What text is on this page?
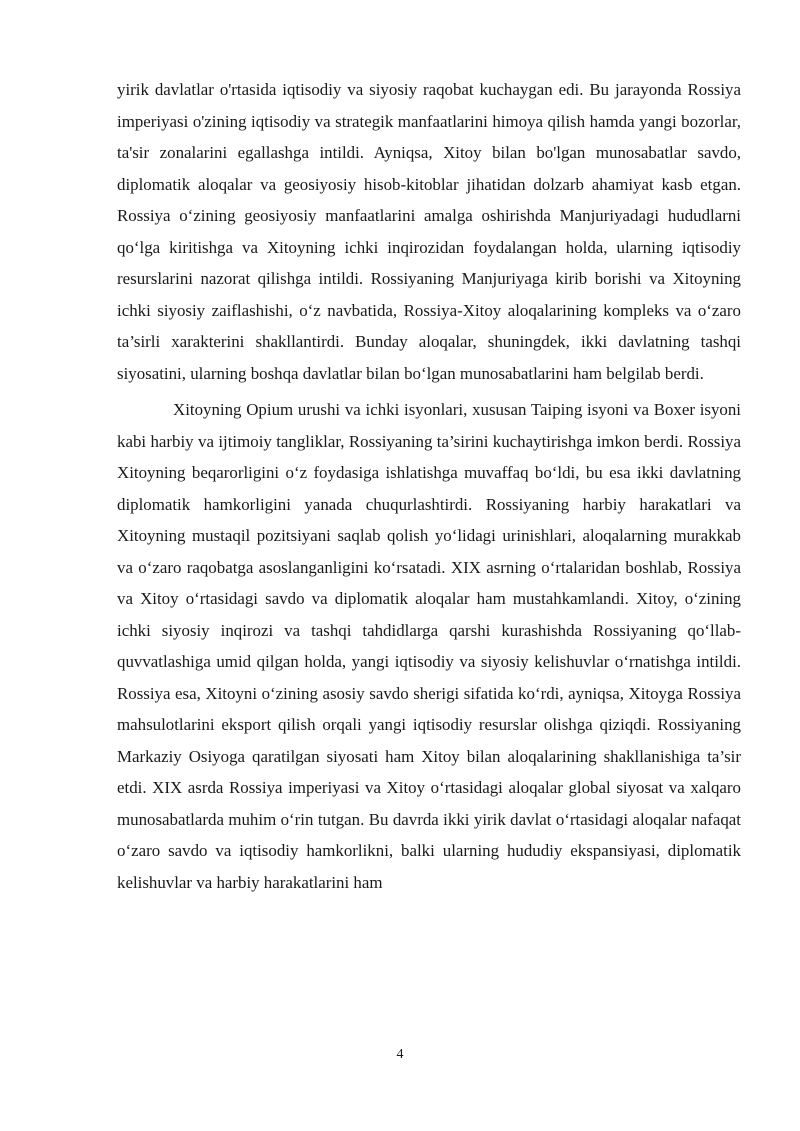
yirik davlatlar o'rtasida iqtisodiy va siyosiy raqobat kuchaygan edi. Bu jarayonda Rossiya imperiyasi o'zining iqtisodiy va strategik manfaatlarini himoya qilish hamda yangi bozorlar, ta'sir zonalarini egallashga intildi. Ayniqsa, Xitoy bilan bo'lgan munosabatlar savdo, diplomatik aloqalar va geosiyosiy hisob-kitoblar jihatidan dolzarb ahamiyat kasb etgan. Rossiya o‘zining geosiyosiy manfaatlarini amalga oshirishda Manjuriyadagi hududlarni qo‘lga kiritishga va Xitoyning ichki inqirozidan foydalangan holda, ularning iqtisodiy resurslarini nazorat qilishga intildi. Rossiyaning Manjuriyaga kirib borishi va Xitoyning ichki siyosiy zaiflashishi, o‘z navbatida, Rossiya-Xitoy aloqalarining kompleks va o‘zaro ta’sirli xarakterini shakllantirdi. Bunday aloqalar, shuningdek, ikki davlatning tashqi siyosatini, ularning boshqa davlatlar bilan bo‘lgan munosabatlarini ham belgilab berdi.

Xitoyning Opium urushi va ichki isyonlari, xususan Taiping isyoni va Boxer isyoni kabi harbiy va ijtimoiy tangliklar, Rossiyaning ta’sirini kuchaytirishga imkon berdi. Rossiya Xitoyning beqarorligini o‘z foydasiga ishlatishga muvaffaq bo‘ldi, bu esa ikki davlatning diplomatik hamkorligini yanada chuqurlashtirdi. Rossiyaning harbiy harakatlari va Xitoyning mustaqil pozitsiyani saqlab qolish yo‘lidagi urinishlari, aloqalarning murakkab va o‘zaro raqobatga asoslanganligini ko‘rsatadi. XIX asrning o‘rtalaridan boshlab, Rossiya va Xitoy o‘rtasidagi savdo va diplomatik aloqalar ham mustahkamlandi. Xitoy, o‘zining ichki siyosiy inqirozi va tashqi tahdidlarga qarshi kurashishda Rossiyaning qo‘llab-quvvatlashiga umid qilgan holda, yangi iqtisodiy va siyosiy kelishuvlar o‘rnatishga intildi. Rossiya esa, Xitoyni o‘zining asosiy savdo sherigi sifatida ko‘rdi, ayniqsa, Xitoyga Rossiya mahsulotlarini eksport qilish orqali yangi iqtisodiy resurslar olishga qiziqdi. Rossiyaning Markaziy Osiyoga qaratilgan siyosati ham Xitoy bilan aloqalarining shakllanishiga ta’sir etdi. XIX asrda Rossiya imperiyasi va Xitoy o‘rtasidagi aloqalar global siyosat va xalqaro munosabatlarda muhim o‘rin tutgan. Bu davrda ikki yirik davlat o‘rtasidagi aloqalar nafaqat o‘zaro savdo va iqtisodiy hamkorlikni, balki ularning hududiy ekspansiyasi, diplomatik kelishuvlar va harbiy harakatlarini ham

4
